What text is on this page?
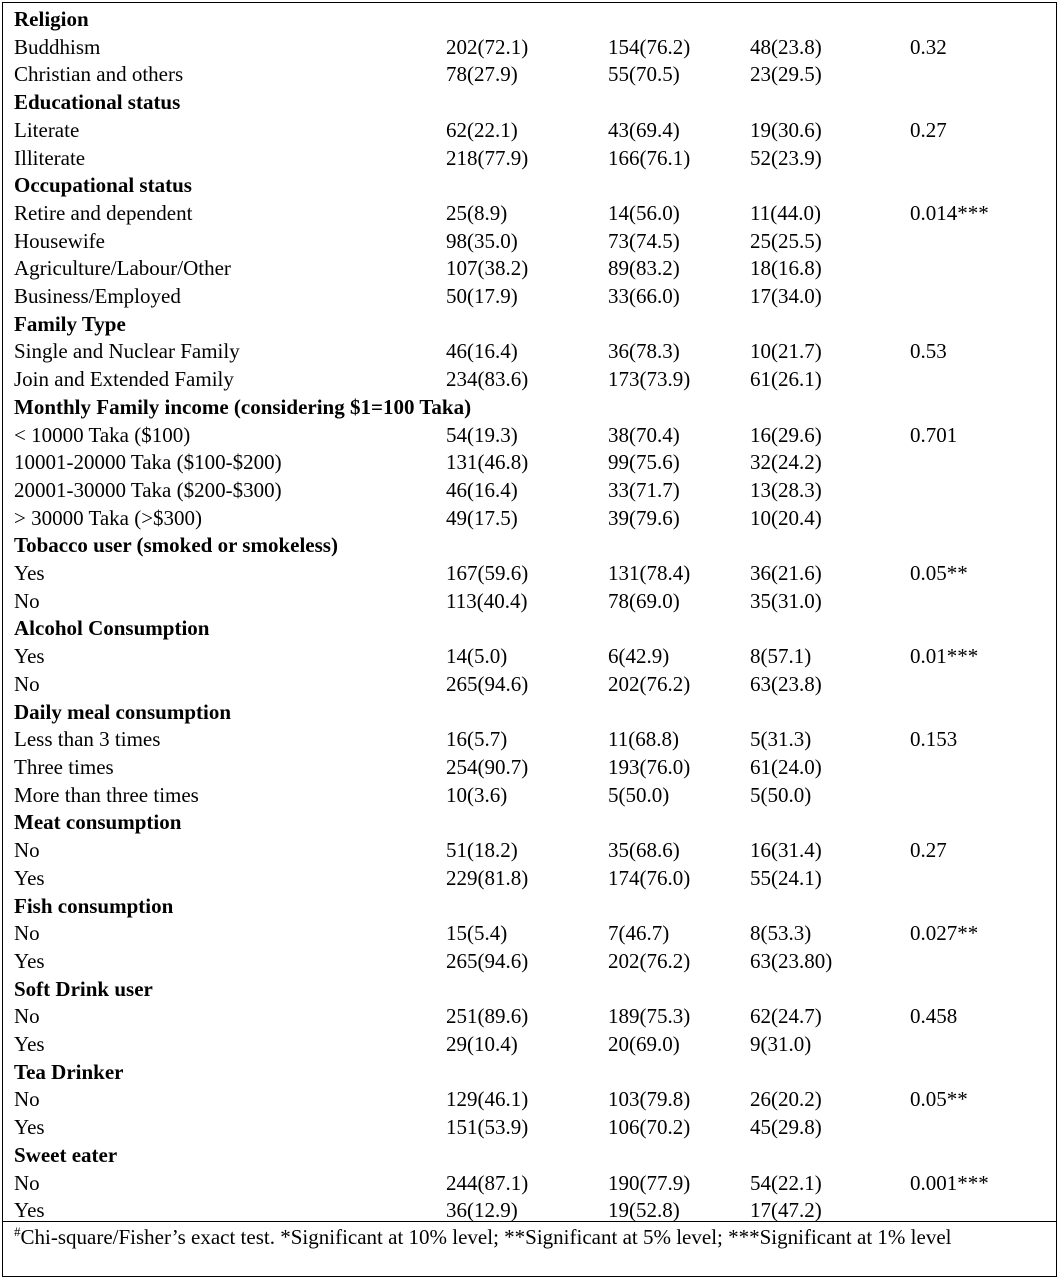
Religion				
Buddhism	202(72.1)	154(76.2)	48(23.8)	0.32
Christian and others	78(27.9)	55(70.5)	23(29.5)	
Educational status				
Literate	62(22.1)	43(69.4)	19(30.6)	0.27
Illiterate	218(77.9)	166(76.1)	52(23.9)	
Occupational status				
Retire and dependent	25(8.9)	14(56.0)	11(44.0)	0.014***
Housewife	98(35.0)	73(74.5)	25(25.5)	
Agriculture/Labour/Other	107(38.2)	89(83.2)	18(16.8)	
Business/Employed	50(17.9)	33(66.0)	17(34.0)	
Family Type				
Single and Nuclear Family	46(16.4)	36(78.3)	10(21.7)	0.53
Join and Extended Family	234(83.6)	173(73.9)	61(26.1)	
Monthly Family income (considering $1=100 Taka)				
< 10000 Taka ($100)	54(19.3)	38(70.4)	16(29.6)	0.701
10001-20000 Taka ($100-$200)	131(46.8)	99(75.6)	32(24.2)	
20001-30000 Taka ($200-$300)	46(16.4)	33(71.7)	13(28.3)	
> 30000 Taka (>$300)	49(17.5)	39(79.6)	10(20.4)	
Tobacco user (smoked or smokeless)				
Yes	167(59.6)	131(78.4)	36(21.6)	0.05**
No	113(40.4)	78(69.0)	35(31.0)	
Alcohol Consumption				
Yes	14(5.0)	6(42.9)	8(57.1)	0.01***
No	265(94.6)	202(76.2)	63(23.8)	
Daily meal consumption				
Less than 3 times	16(5.7)	11(68.8)	5(31.3)	0.153
Three times	254(90.7)	193(76.0)	61(24.0)	
More than three times	10(3.6)	5(50.0)	5(50.0)	
Meat consumption				
No	51(18.2)	35(68.6)	16(31.4)	0.27
Yes	229(81.8)	174(76.0)	55(24.1)	
Fish consumption				
No	15(5.4)	7(46.7)	8(53.3)	0.027**
Yes	265(94.6)	202(76.2)	63(23.80)	
Soft Drink user				
No	251(89.6)	189(75.3)	62(24.7)	0.458
Yes	29(10.4)	20(69.0)	9(31.0)	
Tea Drinker				
No	129(46.1)	103(79.8)	26(20.2)	0.05**
Yes	151(53.9)	106(70.2)	45(29.8)	
Sweet eater				
No	244(87.1)	190(77.9)	54(22.1)	0.001***
Yes	36(12.9)	19(52.8)	17(47.2)	
#Chi-square/Fisher’s exact test. *Significant at 10% level; **Significant at 5% level; ***Significant at 1% level
